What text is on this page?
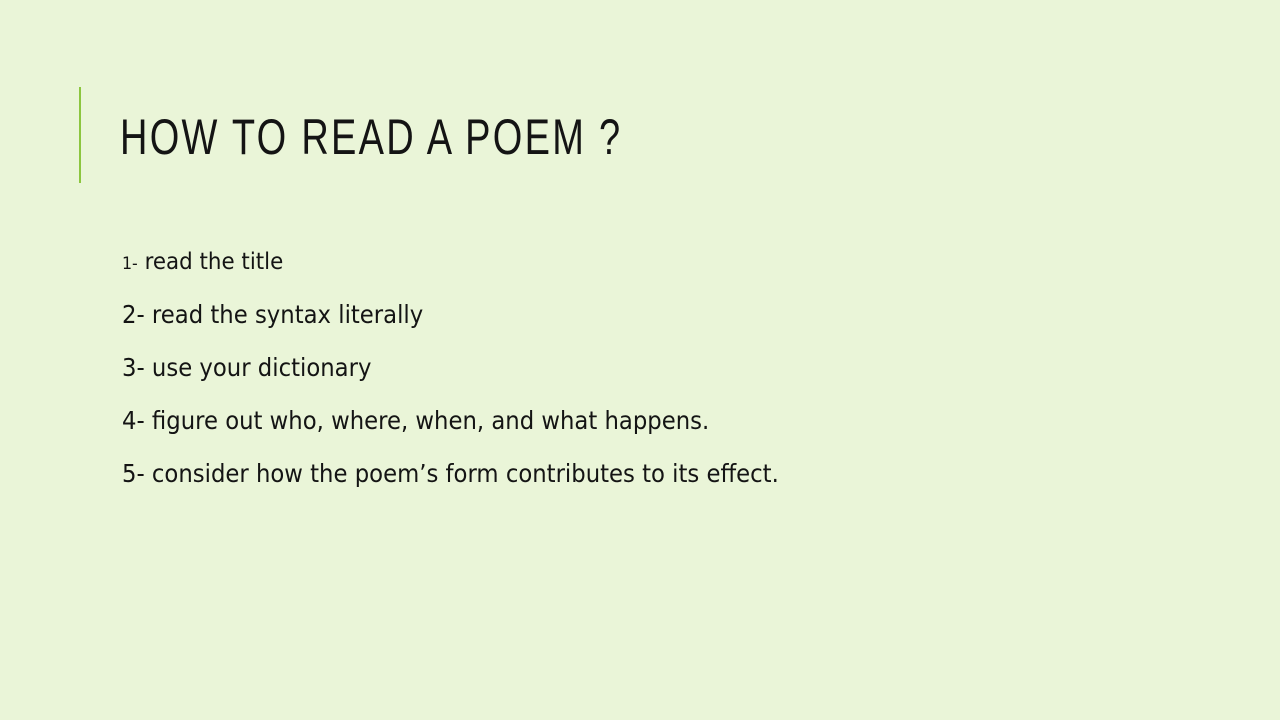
HOW TO READ A POEM ?
1- read the title
2- read the syntax literally
3- use your dictionary
4- figure out who, where, when, and what happens.
5- consider how the poem’s form contributes to its effect.
